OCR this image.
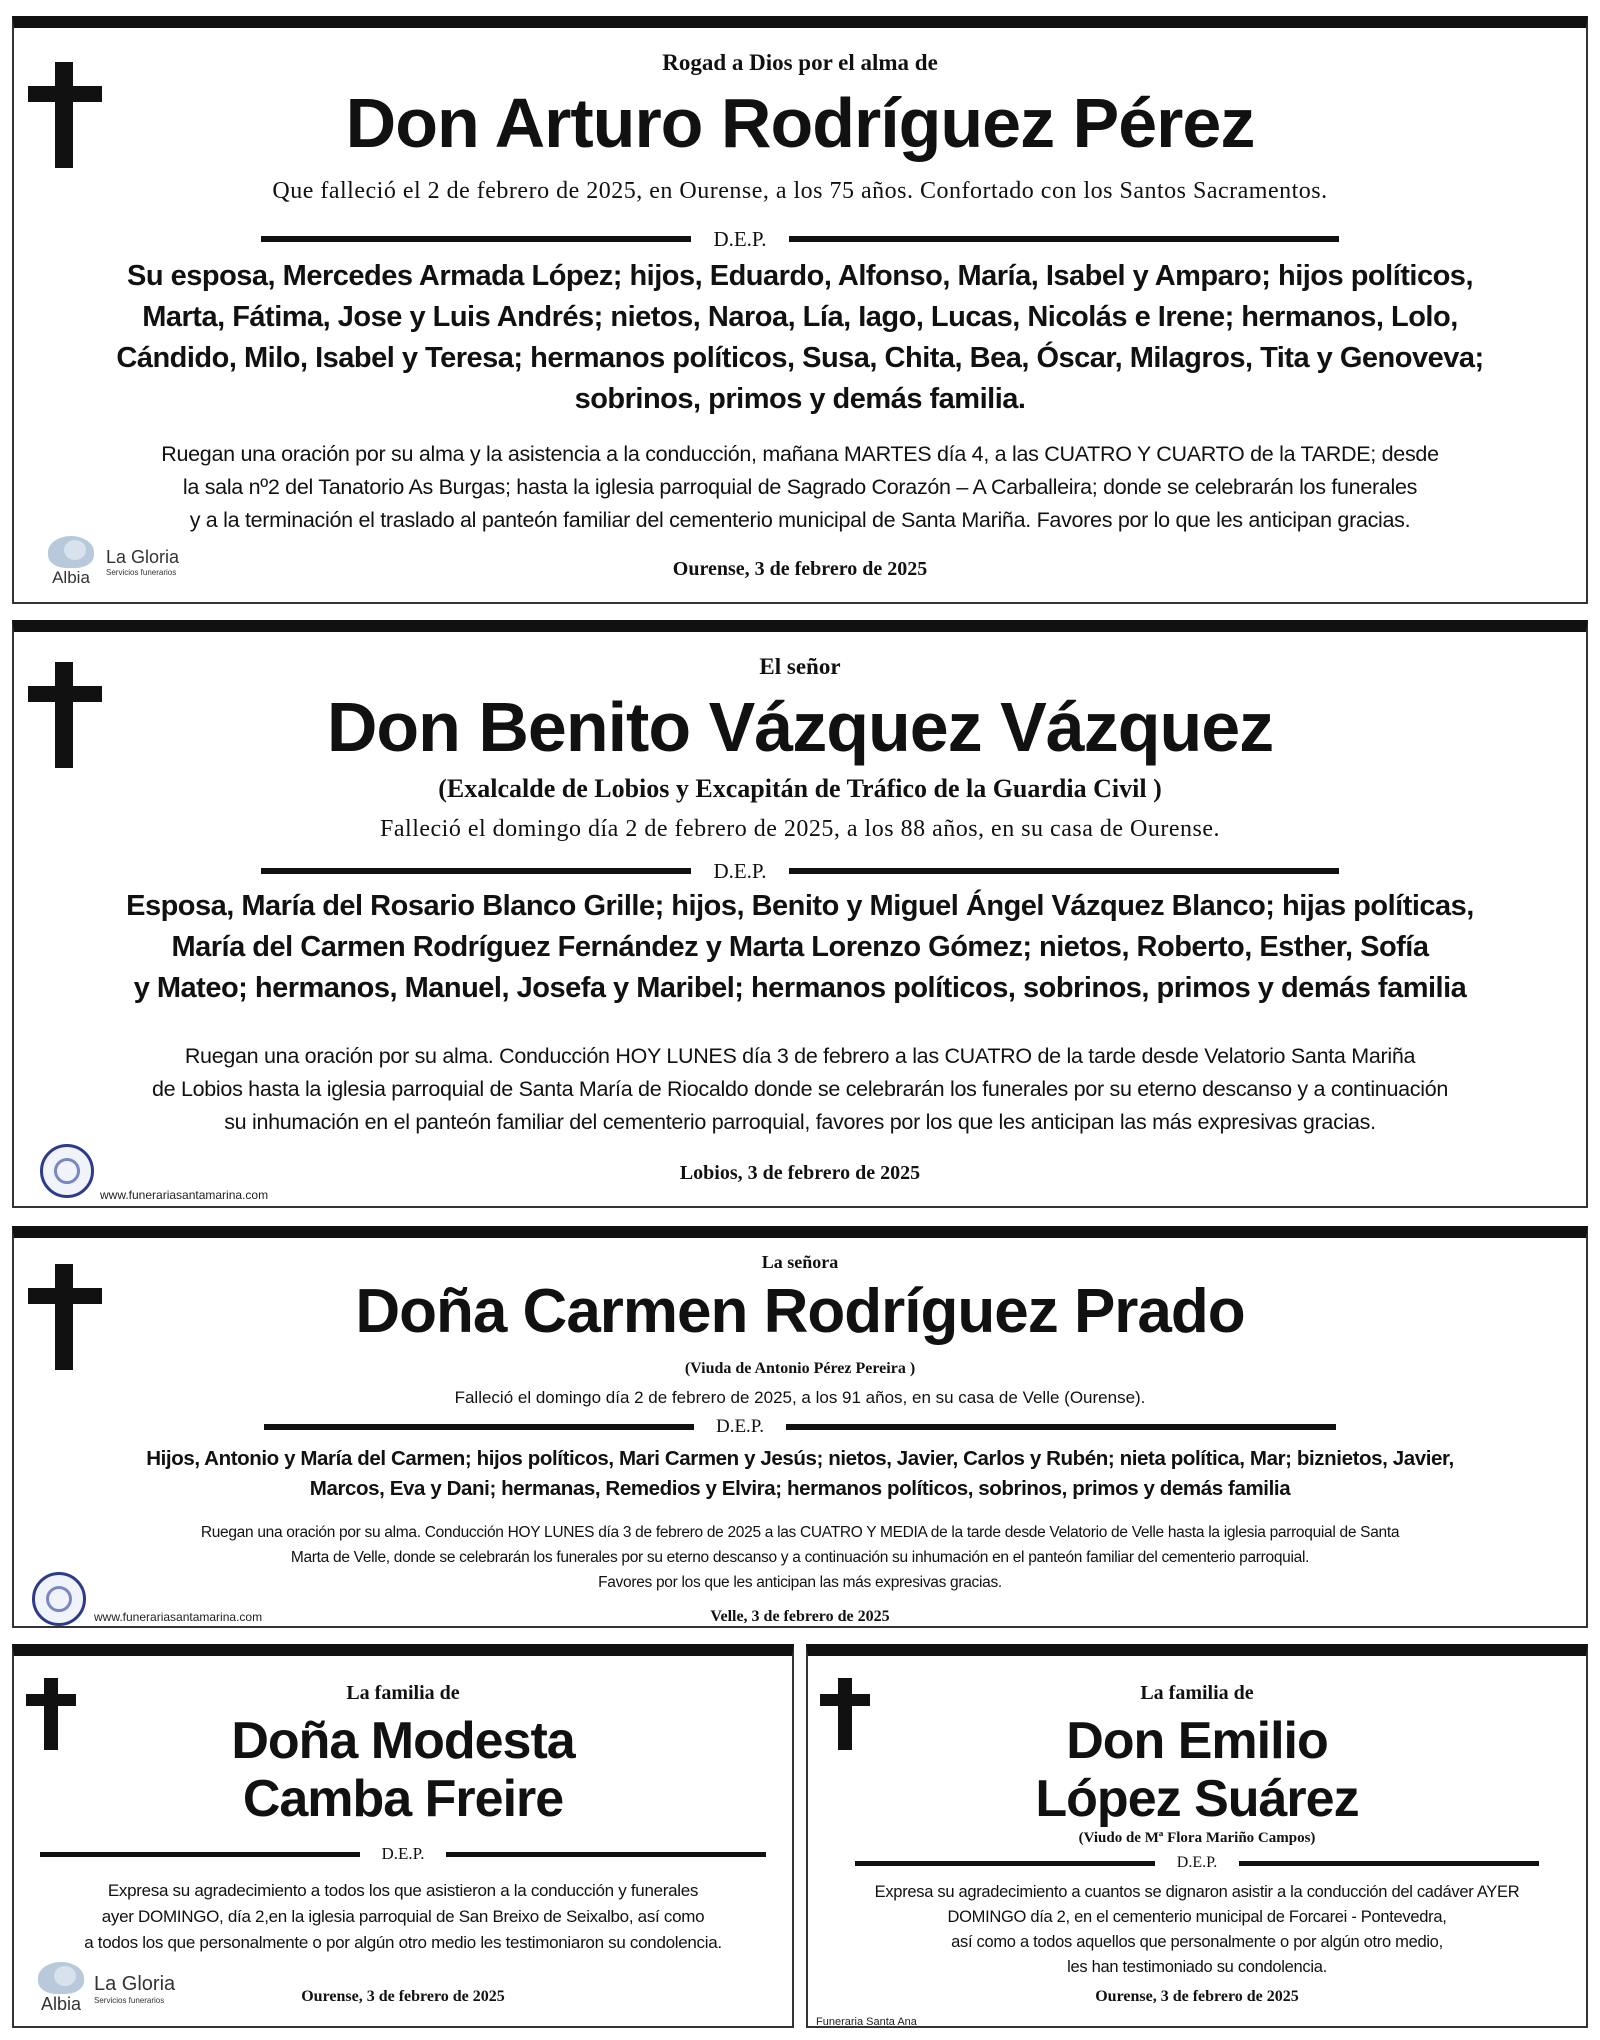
Rogad a Dios por el alma de
Don Arturo Rodríguez Pérez
Que falleció el 2 de febrero de 2025, en Ourense, a los 75 años. Confortado con los Santos Sacramentos.
D.E.P.
Su esposa, Mercedes Armada López; hijos, Eduardo, Alfonso, María, Isabel y Amparo; hijos políticos,
Marta, Fátima, Jose y Luis Andrés; nietos, Naroa, Lía, Iago, Lucas, Nicolás e Irene; hermanos, Lolo,
Cándido, Milo, Isabel y Teresa; hermanos políticos, Susa, Chita, Bea, Óscar, Milagros, Tita y Genoveva;
sobrinos, primos y demás familia.
Ruegan una oración por su alma y la asistencia a la conducción, mañana MARTES día 4, a las CUATRO Y CUARTO de la TARDE; desde
la sala nº2 del Tanatorio As Burgas; hasta la iglesia parroquial de Sagrado Corazón – A Carballeira; donde se celebrarán los funerales
y a la terminación el traslado al panteón familiar del cementerio municipal de Santa Mariña. Favores por lo que les anticipan gracias.
Ourense, 3 de febrero de 2025
Albia
La Gloria
Servicios funerarios
El señor
Don Benito Vázquez Vázquez
(Exalcalde de Lobios y Excapitán de Tráfico de la Guardia Civil )
Falleció el domingo día 2 de febrero de 2025, a los 88 años, en su casa de Ourense.
D.E.P.
Esposa, María del Rosario Blanco Grille; hijos, Benito y Miguel Ángel Vázquez Blanco; hijas políticas,
María del Carmen Rodríguez Fernández y Marta Lorenzo Gómez; nietos, Roberto, Esther, Sofía
y Mateo; hermanos, Manuel, Josefa y Maribel; hermanos políticos, sobrinos, primos y demás familia
Ruegan una oración por su alma. Conducción HOY LUNES día 3 de febrero a las CUATRO de la tarde desde Velatorio Santa Mariña
de Lobios hasta la iglesia parroquial de Santa María de Riocaldo donde se celebrarán los funerales por su eterno descanso y a continuación
su inhumación en el panteón familiar del cementerio parroquial, favores por los que les anticipan las más expresivas gracias.
Lobios, 3 de febrero de 2025
www.funerariasantamarina.com
La señora
Doña Carmen Rodríguez Prado
(Viuda de Antonio Pérez Pereira )
Falleció el domingo día 2 de febrero de 2025, a los 91 años, en su casa de Velle (Ourense).
D.E.P.
Hijos, Antonio y María del Carmen; hijos políticos, Mari Carmen y Jesús; nietos, Javier, Carlos y Rubén; nieta política, Mar; biznietos, Javier,
Marcos, Eva y Dani; hermanas, Remedios y Elvira; hermanos políticos, sobrinos, primos y demás familia
Ruegan una oración por su alma. Conducción HOY LUNES día 3 de febrero de 2025 a las CUATRO Y MEDIA de la tarde desde Velatorio de Velle hasta la iglesia parroquial de Santa
Marta de Velle, donde se celebrarán los funerales por su eterno descanso y a continuación su inhumación en el panteón familiar del cementerio parroquial.
Favores por los que les anticipan las más expresivas gracias.
Velle, 3 de febrero de 2025
www.funerariasantamarina.com
La familia de
Doña Modesta
Camba Freire
D.E.P.
Expresa su agradecimiento a todos los que asistieron a la conducción y funerales
ayer DOMINGO, día 2,en la iglesia parroquial de San Breixo de Seixalbo, así como
a todos los que personalmente o por algún otro medio les testimoniaron su condolencia.
Ourense, 3 de febrero de 2025
Albia
La Gloria
Servicios funerarios
La familia de
Don Emilio
López Suárez
(Viudo de Mª Flora Mariño Campos)
D.E.P.
Expresa su agradecimiento a cuantos se dignaron asistir a la conducción del cadáver AYER
DOMINGO día 2, en el cementerio municipal de Forcarei - Pontevedra,
así como a todos aquellos que personalmente o por algún otro medio,
les han testimoniado su condolencia.
Ourense, 3 de febrero de 2025
Funeraria Santa Ana
